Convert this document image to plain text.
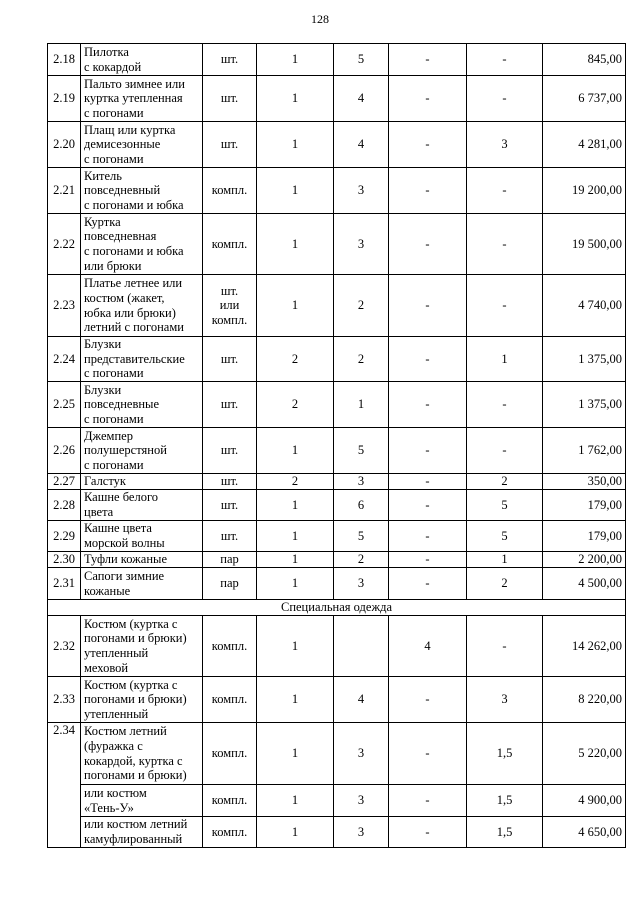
128
2.18	Пилотка
с кокардой	шт.	1	5	-	-	845,00
2.19	Пальто зимнее или
куртка утепленная
с погонами	шт.	1	4	-	-	6 737,00
2.20	Плащ или куртка
демисезонные
с погонами	шт.	1	4	-	3	4 281,00
2.21	Китель
повседневный
с погонами и юбка	компл.	1	3	-	-	19 200,00
2.22	Куртка
повседневная
с погонами и юбка
или брюки	компл.	1	3	-	-	19 500,00
2.23	Платье летнее или
костюм (жакет,
юбка или брюки)
летний с погонами	шт.
или
компл.	1	2	-	-	4 740,00
2.24	Блузки
представительские
с погонами	шт.	2	2	-	1	1 375,00
2.25	Блузки
повседневные
с погонами	шт.	2	1	-	-	1 375,00
2.26	Джемпер
полушерстяной
с погонами	шт.	1	5	-	-	1 762,00
2.27	Галстук	шт.	2	3	-	2	350,00
2.28	Кашне белого
цвета	шт.	1	6	-	5	179,00
2.29	Кашне цвета
морской волны	шт.	1	5	-	5	179,00
2.30	Туфли кожаные	пар	1	2	-	1	2 200,00
2.31	Сапоги зимние
кожаные	пар	1	3	-	2	4 500,00
Специальная одежда							
2.32	Костюм (куртка с
погонами и брюки)
утепленный
меховой	компл.	1		4	-	14 262,00
2.33	Костюм (куртка с
погонами и брюки)
утепленный	компл.	1	4	-	3	8 220,00
2.34	Костюм летний
(фуражка с
кокардой, куртка с
погонами и брюки)	компл.	1	3	-	1,5	5 220,00
	или костюм
«Тень-У»	компл.	1	3	-	1,5	4 900,00
	или костюм летний
камуфлированный	компл.	1	3	-	1,5	4 650,00
